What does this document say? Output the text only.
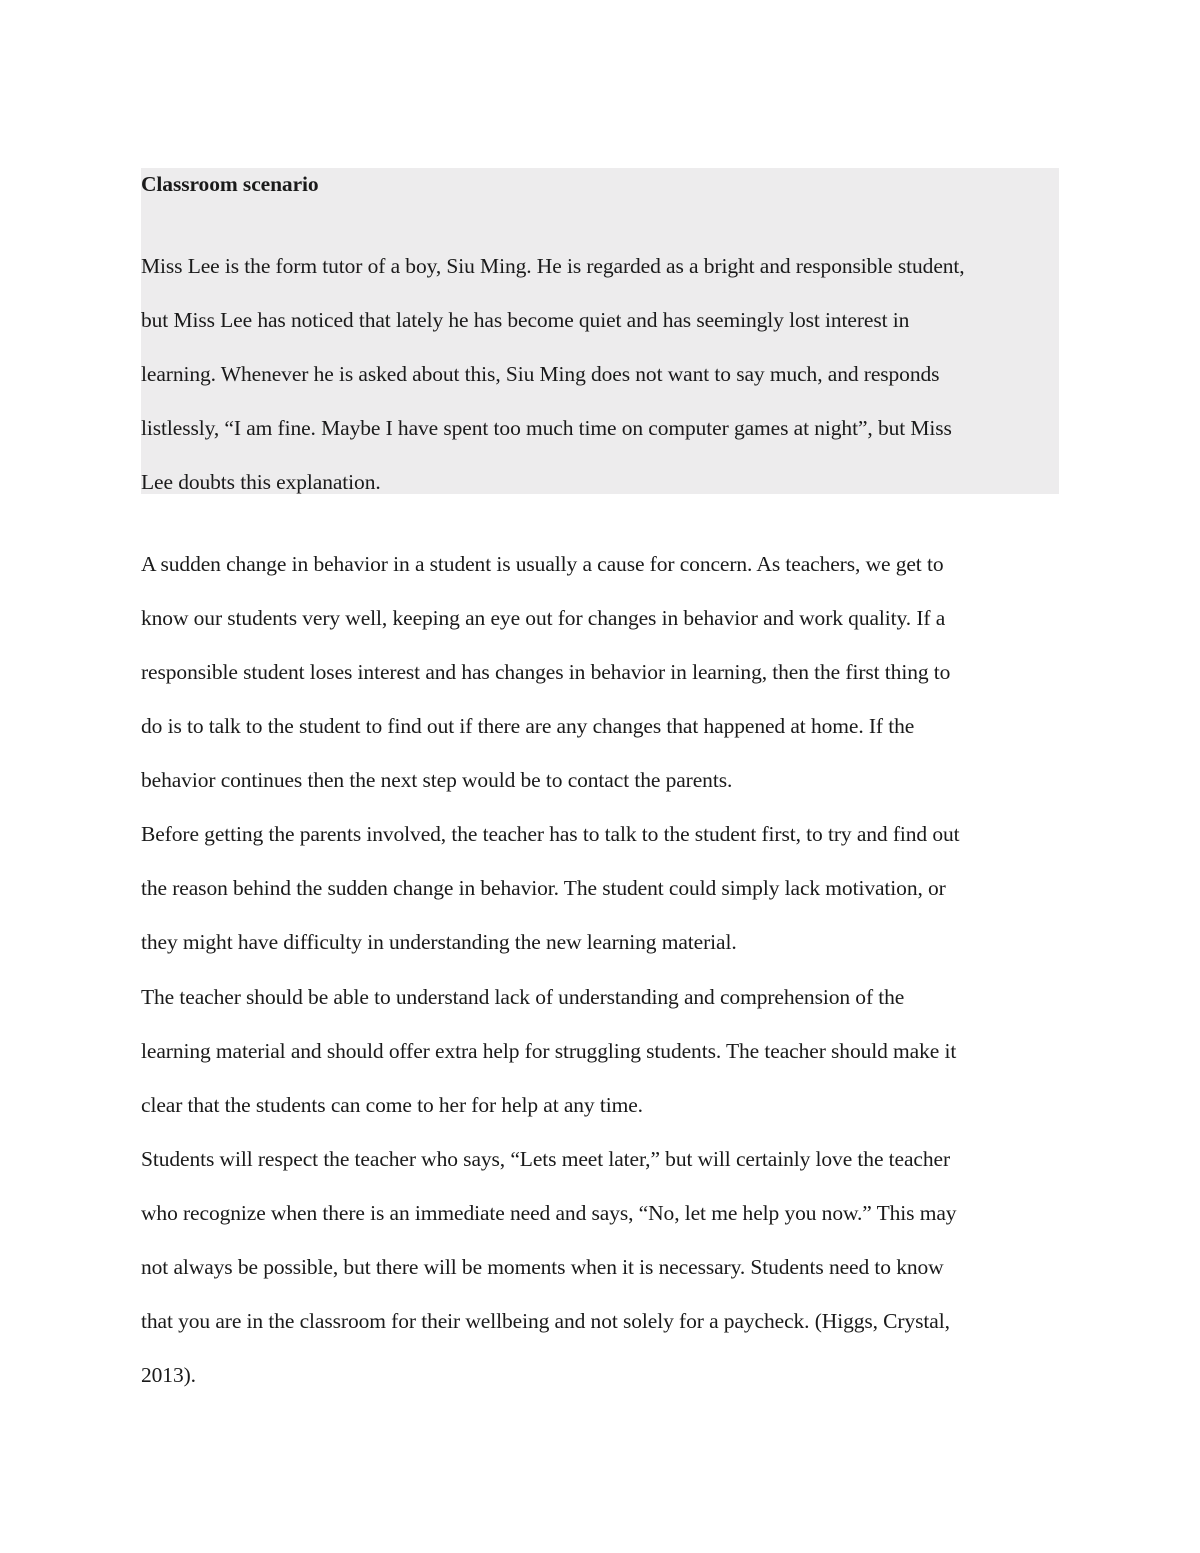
Classroom scenario
Miss Lee is the form tutor of a boy, Siu Ming. He is regarded as a bright and responsible student,
but Miss Lee has noticed that lately he has become quiet and has seemingly lost interest in
learning. Whenever he is asked about this, Siu Ming does not want to say much, and responds
listlessly, “I am fine. Maybe I have spent too much time on computer games at night”, but Miss
Lee doubts this explanation.
A sudden change in behavior in a student is usually a cause for concern. As teachers, we get to
know our students very well, keeping an eye out for changes in behavior and work quality. If a
responsible student loses interest and has changes in behavior in learning, then the first thing to
do is to talk to the student to find out if there are any changes that happened at home. If the
behavior continues then the next step would be to contact the parents.
Before getting the parents involved, the teacher has to talk to the student first, to try and find out
the reason behind the sudden change in behavior. The student could simply lack motivation, or
they might have difficulty in understanding the new learning material.
The teacher should be able to understand lack of understanding and comprehension of the
learning material and should offer extra help for struggling students. The teacher should make it
clear that the students can come to her for help at any time.
Students will respect the teacher who says, “Lets meet later,” but will certainly love the teacher
who recognize when there is an immediate need and says, “No, let me help you now.” This may
not always be possible, but there will be moments when it is necessary. Students need to know
that you are in the classroom for their wellbeing and not solely for a paycheck. (Higgs, Crystal,
2013).
